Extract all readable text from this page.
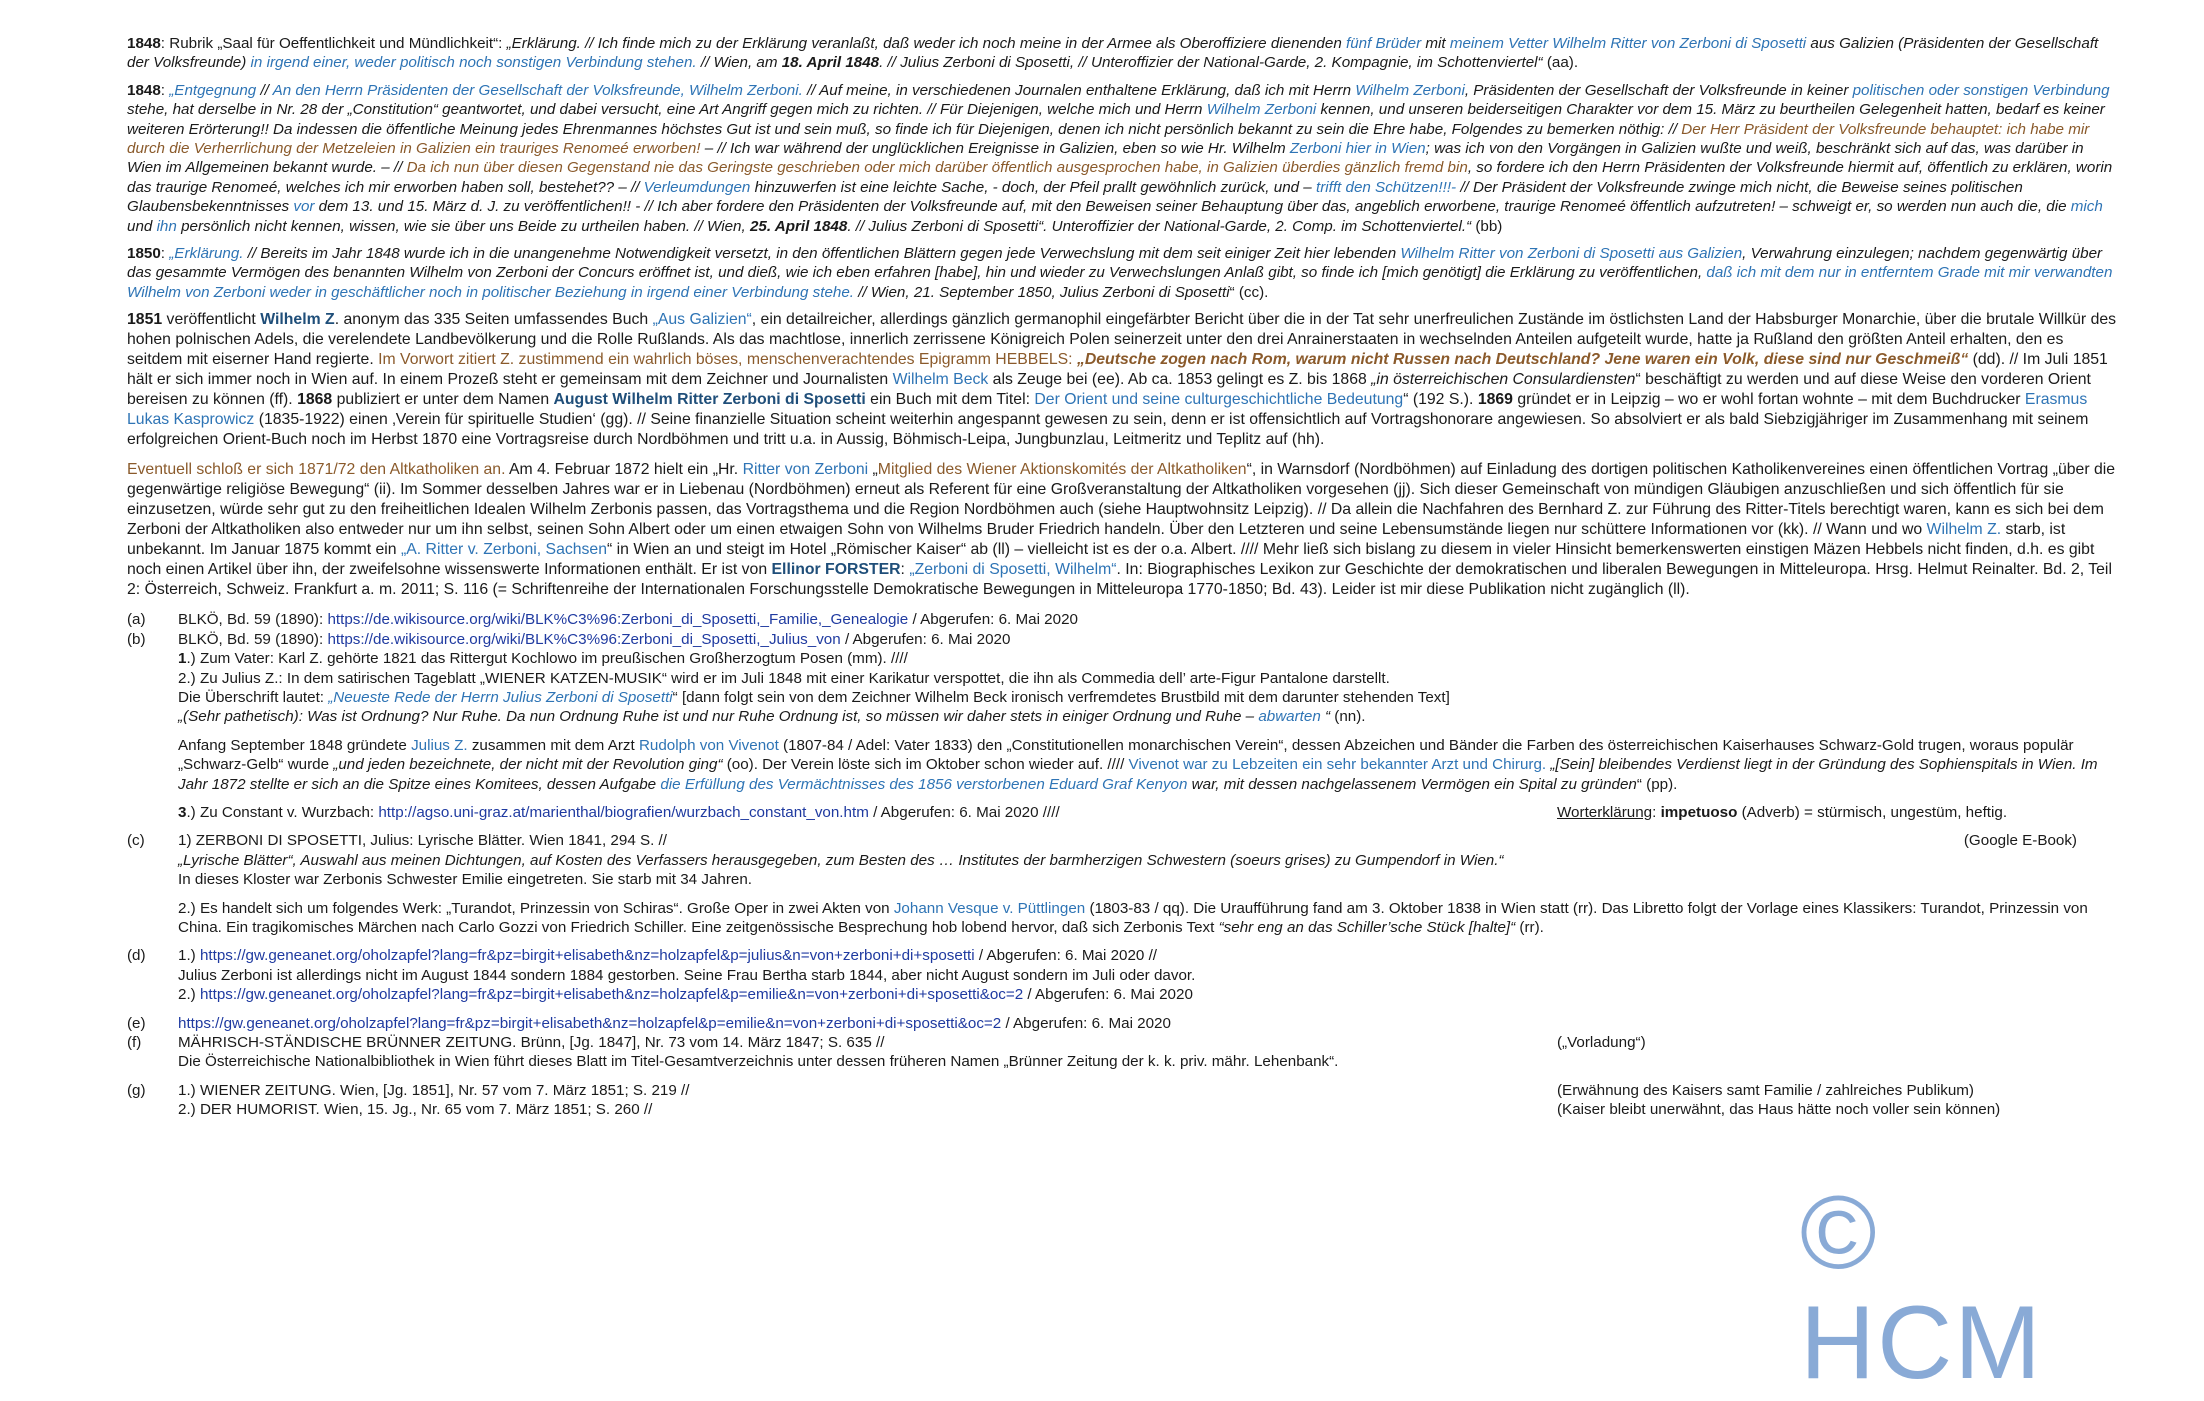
1848: Rubrik „Saal für Oeffentlichkeit und Mündlichkeit“: „Erklärung. // Ich finde mich zu der Erklärung veranlaßt, daß weder ich noch meine in der Armee als Oberoffiziere dienenden fünf Brüder mit meinem Vetter Wilhelm Ritter von Zerboni di Sposetti aus Galizien (Präsidenten der Gesellschaft der Volksfreunde) in irgend einer, weder politisch noch sonstigen Verbindung stehen. // Wien, am 18. April 1848. // Julius Zerboni di Sposetti, // Unteroffizier der National-Garde, 2. Kompagnie, im Schottenviertel“ (aa).

1848: „Entgegnung // An den Herrn Präsidenten der Gesellschaft der Volksfreunde, Wilhelm Zerboni. // Auf meine, in verschiedenen Journalen enthaltene Erklärung, daß ich mit Herrn Wilhelm Zerboni, Präsidenten der Gesellschaft der Volksfreunde in keiner politischen oder sonstigen Verbindung stehe, hat derselbe in Nr. 28 der „Constitution“ geantwortet, und dabei versucht, eine Art Angriff gegen mich zu richten. // Für Diejenigen, welche mich und Herrn Wilhelm Zerboni kennen, und unseren beiderseitigen Charakter vor dem 15. März zu beurtheilen Gelegenheit hatten, bedarf es keiner weiteren Erörterung!! Da indessen die öffentliche Meinung jedes Ehrenmannes höchstes Gut ist und sein muß, so finde ich für Diejenigen, denen ich nicht persönlich bekannt zu sein die Ehre habe, Folgendes zu bemerken nöthig: // Der Herr Präsident der Volksfreunde behauptet: ich habe mir durch die Verherrlichung der Metzeleien in Galizien ein trauriges Renomeé erworben! – // Ich war während der unglücklichen Ereignisse in Galizien, eben so wie Hr. Wilhelm Zerboni hier in Wien; was ich von den Vorgängen in Galizien wußte und weiß, beschränkt sich auf das, was darüber in Wien im Allgemeinen bekannt wurde. – // Da ich nun über diesen Gegenstand nie das Geringste geschrieben oder mich darüber öffentlich ausgesprochen habe, in Galizien überdies gänzlich fremd bin, so fordere ich den Herrn Präsidenten der Volksfreunde hiermit auf, öffentlich zu erklären, worin das traurige Renomeé, welches ich mir erworben haben soll, bestehet?? – // Verleumdungen hinzuwerfen ist eine leichte Sache, - doch, der Pfeil prallt gewöhnlich zurück, und – trifft den Schützen!!!- // Der Präsident der Volksfreunde zwinge mich nicht, die Beweise seines politischen Glaubensbekenntnisses vor dem 13. und 15. März d. J. zu veröffentlichen!! - // Ich aber fordere den Präsidenten der Volksfreunde auf, mit den Beweisen seiner Behauptung über das, angeblich erworbene, traurige Renomeé öffentlich aufzutreten! – schweigt er, so werden nun auch die, die mich und ihn persönlich nicht kennen, wissen, wie sie über uns Beide zu urtheilen haben. // Wien, 25. April 1848. // Julius Zerboni di Sposetti“. Unteroffizier der National-Garde, 2. Comp. im Schottenviertel.“ (bb)

1850: „Erklärung. // Bereits im Jahr 1848 wurde ich in die unangenehme Notwendigkeit versetzt, in den öffentlichen Blättern gegen jede Verwechslung mit dem seit einiger Zeit hier lebenden Wilhelm Ritter von Zerboni di Sposetti aus Galizien, Verwahrung einzulegen; nachdem gegenwärtig über das gesammte Vermögen des benannten Wilhelm von Zerboni der Concurs eröffnet ist, und dieß, wie ich eben erfahren [habe], hin und wieder zu Verwechslungen Anlaß gibt, so finde ich [mich genötigt] die Erklärung zu veröffentlichen, daß ich mit dem nur in entferntem Grade mit mir verwandten Wilhelm von Zerboni weder in geschäftlicher noch in politischer Beziehung in irgend einer Verbindung stehe. // Wien, 21. September 1850, Julius Zerboni di Sposetti“ (cc).

1851 veröffentlicht Wilhelm Z. anonym das 335 Seiten umfassendes Buch „Aus Galizien“, ein detailreicher, allerdings gänzlich germanophil eingefärbter Bericht über die in der Tat sehr unerfreulichen Zustände im östlichsten Land der Habsburger Monarchie, über die brutale Willkür des hohen polnischen Adels, die verelendete Landbevölkerung und die Rolle Rußlands. Als das machtlose, innerlich zerrissene Königreich Polen seinerzeit unter den drei Anrainerstaaten in wechselnden Anteilen aufgeteilt wurde, hatte ja Rußland den größten Anteil erhalten, den es seitdem mit eiserner Hand regierte. Im Vorwort zitiert Z. zustimmend ein wahrlich böses, menschenverachtendes Epigramm HEBBELS: „Deutsche zogen nach Rom, warum nicht Russen nach Deutschland? Jene waren ein Volk, diese sind nur Geschmeiß“ (dd). // Im Juli 1851 hält er sich immer noch in Wien auf. In einem Prozeß steht er gemeinsam mit dem Zeichner und Journalisten Wilhelm Beck als Zeuge bei (ee). Ab ca. 1853 gelingt es Z. bis 1868 „in österreichischen Consulardiensten“ beschäftigt zu werden und auf diese Weise den vorderen Orient bereisen zu können (ff). 1868 publiziert er unter dem Namen August Wilhelm Ritter Zerboni di Sposetti ein Buch mit dem Titel: Der Orient und seine culturgeschichtliche Bedeutung“ (192 S.). 1869 gründet er in Leipzig – wo er wohl fortan wohnte – mit dem Buchdrucker Erasmus Lukas Kasprowicz (1835-1922) einen ‚Verein für spirituelle Studien‘ (gg). // Seine finanzielle Situation scheint weiterhin angespannt gewesen zu sein, denn er ist offensichtlich auf Vortragshonorare angewiesen. So absolviert er als bald Siebzigjähriger im Zusammenhang mit seinem erfolgreichen Orient-Buch noch im Herbst 1870 eine Vortragsreise durch Nordböhmen und tritt u.a. in Aussig, Böhmisch-Leipa, Jungbunzlau, Leitmeritz und Teplitz auf (hh).

Eventuell schloß er sich 1871/72 den Altkatholiken an. Am 4. Februar 1872 hielt ein „Hr. Ritter von Zerboni „Mitglied des Wiener Aktionskomités der Altkatholiken“, in Warnsdorf (Nordböhmen) auf Einladung des dortigen politischen Katholikenvereines einen öffentlichen Vortrag „über die gegenwärtige religiöse Bewegung“ (ii). Im Sommer desselben Jahres war er in Liebenau (Nordböhmen) erneut als Referent für eine Großveranstaltung der Altkatholiken vorgesehen (jj). Sich dieser Gemeinschaft von mündigen Gläubigen anzuschließen und sich öffentlich für sie einzusetzen, würde sehr gut zu den freiheitlichen Idealen Wilhelm Zerbonis passen, das Vortragsthema und die Region Nordböhmen auch (siehe Hauptwohnsitz Leipzig). // Da allein die Nachfahren des Bernhard Z. zur Führung des Ritter-Titels berechtigt waren, kann es sich bei dem Zerboni der Altkatholiken also entweder nur um ihn selbst, seinen Sohn Albert oder um einen etwaigen Sohn von Wilhelms Bruder Friedrich handeln. Über den Letzteren und seine Lebensumstände liegen nur schüttere Informationen vor (kk). // Wann und wo Wilhelm Z. starb, ist unbekannt. Im Januar 1875 kommt ein „A. Ritter v. Zerboni, Sachsen“ in Wien an und steigt im Hotel „Römischer Kaiser“ ab (ll) – vielleicht ist es der o.a. Albert. //// Mehr ließ sich bislang zu diesem in vieler Hinsicht bemerkenswerten einstigen Mäzen Hebbels nicht finden, d.h. es gibt noch einen Artikel über ihn, der zweifelsohne wissenswerte Informationen enthält. Er ist von Ellinor FORSTER: „Zerboni di Sposetti, Wilhelm“. In: Biographisches Lexikon zur Geschichte der demokratischen und liberalen Bewegungen in Mitteleuropa. Hrsg. Helmut Reinalter. Bd. 2, Teil 2: Österreich, Schweiz. Frankfurt a. m. 2011; S. 116 (= Schriftenreihe der Internationalen Forschungsstelle Demokratische Bewegungen in Mitteleuropa 1770-1850; Bd. 43). Leider ist mir diese Publikation nicht zugänglich (ll).

(a)	BLKÖ, Bd. 59 (1890): https://de.wikisource.org/wiki/BLK%C3%96:Zerboni_di_Sposetti,_Familie,_Genealogie / Abgerufen: 6. Mai 2020
(b)	BLKÖ, Bd. 59 (1890): https://de.wikisource.org/wiki/BLK%C3%96:Zerboni_di_Sposetti,_Julius_von / Abgerufen: 6. Mai 2020
1.) Zum Vater: Karl Z. gehörte 1821 das Rittergut Kochlowo im preußischen Großherzogtum Posen (mm). ////
2.) Zu Julius Z.: In dem satirischen Tageblatt „WIENER KATZEN-MUSIK“ wird er im Juli 1848 mit einer Karikatur verspottet, die ihn als Commedia dell’ arte-Figur Pantalone darstellt.
Die Überschrift lautet: „Neueste Rede der Herrn Julius Zerboni di Sposetti“ [dann folgt sein von dem Zeichner Wilhelm Beck ironisch verfremdetes Brustbild mit dem darunter stehenden Text]
„(Sehr pathetisch): Was ist Ordnung? Nur Ruhe. Da nun Ordnung Ruhe ist und nur Ruhe Ordnung ist, so müssen wir daher stets in einiger Ordnung und Ruhe – abwarten “ (nn).
Anfang September 1848 gründete Julius Z. zusammen mit dem Arzt Rudolph von Vivenot (1807-84 / Adel: Vater 1833) den „Constitutionellen monarchischen Verein“, dessen Abzeichen und Bänder die Farben des österreichischen Kaiserhauses Schwarz-Gold trugen, woraus populär „Schwarz-Gelb“ wurde „und jeden bezeichnete, der nicht mit der Revolution ging“ (oo). Der Verein löste sich im Oktober schon wieder auf. //// Vivenot war zu Lebzeiten ein sehr bekannter Arzt und Chirurg. „[Sein] bleibendes Verdienst liegt in der Gründung des Sophienspitals in Wien. Im Jahr 1872 stellte er sich an die Spitze eines Komitees, dessen Aufgabe die Erfüllung des Vermächtnisses des 1856 verstorbenen Eduard Graf Kenyon war, mit dessen nachgelassenem Vermögen ein Spital zu gründen“ (pp).
3.) Zu Constant v. Wurzbach: http://agso.uni-graz.at/marienthal/biografien/wurzbach_constant_von.htm / Abgerufen: 6. Mai 2020 ////	Worterklärung: impetuoso (Adverb) = stürmisch, ungestüm, heftig.
(c)	1) ZERBONI DI SPOSETTI, Julius: Lyrische Blätter. Wien 1841, 294 S. //	(Google E-Book)
„Lyrische Blätter“, Auswahl aus meinen Dichtungen, auf Kosten des Verfassers herausgegeben, zum Besten des … Institutes der barmherzigen Schwestern (soeurs grises) zu Gumpendorf in Wien.“
In dieses Kloster war Zerbonis Schwester Emilie eingetreten. Sie starb mit 34 Jahren.
2.) Es handelt sich um folgendes Werk: „Turandot, Prinzessin von Schiras“. Große Oper in zwei Akten von Johann Vesque v. Püttlingen (1803-83 / qq). Die Uraufführung fand am 3. Oktober 1838 in Wien statt (rr). Das Libretto folgt der Vorlage eines Klassikers: Turandot, Prinzessin von China. Ein tragikomisches Märchen nach Carlo Gozzi von Friedrich Schiller. Eine zeitgenössische Besprechung hob lobend hervor, daß sich Zerbonis Text “sehr eng an das Schiller’sche Stück [halte]“ (rr).
(d)	1.) https://gw.geneanet.org/oholzapfel?lang=fr&pz=birgit+elisabeth&nz=holzapfel&p=julius&n=von+zerboni+di+sposetti / Abgerufen: 6. Mai 2020 //
Julius Zerboni ist allerdings nicht im August 1844 sondern 1884 gestorben. Seine Frau Bertha starb 1844, aber nicht August sondern im Juli oder davor.
2.) https://gw.geneanet.org/oholzapfel?lang=fr&pz=birgit+elisabeth&nz=holzapfel&p=emilie&n=von+zerboni+di+sposetti&oc=2 / Abgerufen: 6. Mai 2020
(e)	https://gw.geneanet.org/oholzapfel?lang=fr&pz=birgit+elisabeth&nz=holzapfel&p=emilie&n=von+zerboni+di+sposetti&oc=2 / Abgerufen: 6. Mai 2020
(f)	MÄHRISCH-STÄNDISCHE BRÜNNER ZEITUNG. Brünn, [Jg. 1847], Nr. 73 vom 14. März 1847; S. 635 //	(„Vorladung“)
Die Österreichische Nationalbibliothek in Wien führt dieses Blatt im Titel-Gesamtverzeichnis unter dessen früheren Namen „Brünner Zeitung der k. k. priv. mähr. Lehenbank“.
(g)	1.) WIENER ZEITUNG. Wien, [Jg. 1851], Nr. 57 vom 7. März 1851; S. 219 //	(Erwähnung des Kaisers samt Familie / zahlreiches Publikum)
2.) DER HUMORIST. Wien, 15. Jg., Nr. 65 vom 7. März 1851; S. 260 //	(Kaiser bleibt unerwähnt, das Haus hätte noch voller sein können)
© HCM
